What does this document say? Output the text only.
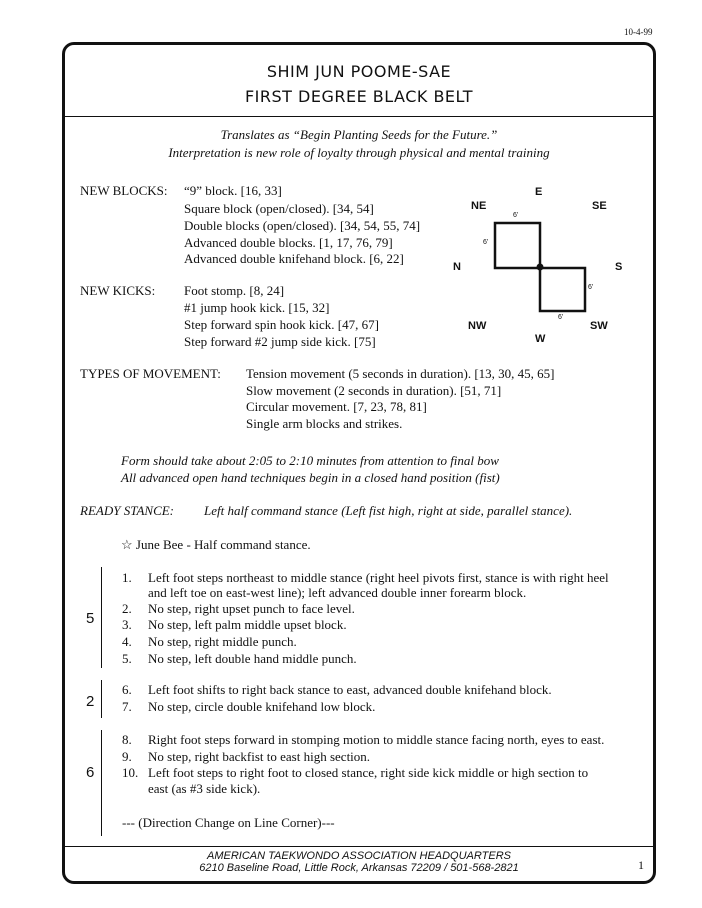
10-4-99
SHIM JUN POOME-SAE
FIRST DEGREE BLACK BELT
Translates as “Begin Planting Seeds for the Future.”
Interpretation is new role of loyalty through physical and mental training
NEW BLOCKS: “9” block. [16, 33]
Square block (open/closed). [34, 54]
Double blocks (open/closed). [34, 54, 55, 74]
Advanced double blocks. [1, 17, 76, 79]
Advanced double knifehand block. [6, 22]
NEW KICKS: Foot stomp. [8, 24]
#1 jump hook kick. [15, 32]
Step forward spin hook kick. [47, 67]
Step forward #2 jump side kick. [75]
E
NE	SE
N	S
NW	SW
W
6'
6'
6'
6'
TYPES OF MOVEMENT: Tension movement (5 seconds in duration). [13, 30, 45, 65]
Slow movement (2 seconds in duration). [51, 71]
Circular movement. [7, 23, 78, 81]
Single arm blocks and strikes.
Form should take about 2:05 to 2:10 minutes from attention to final bow
All advanced open hand techniques begin in a closed hand position (fist)
READY STANCE: Left half command stance (Left fist high, right at side, parallel stance).
☆ June Bee - Half command stance.
5
1. Left foot steps northeast to middle stance (right heel pivots first, stance is with right heel
and left toe on east-west line); left advanced double inner forearm block.
2. No step, right upset punch to face level.
3. No step, left palm middle upset block.
4. No step, right middle punch.
5. No step, left double hand middle punch.
2
6. Left foot shifts to right back stance to east, advanced double knifehand block.
7. No step, circle double knifehand low block.
6
8. Right foot steps forward in stomping motion to middle stance facing north, eyes to east.
9. No step, right backfist to east high section.
10. Left foot steps to right foot to closed stance, right side kick middle or high section to
east (as #3 side kick).
--- (Direction Change on Line Corner)---
AMERICAN TAEKWONDO ASSOCIATION HEADQUARTERS
6210 Baseline Road, Little Rock, Arkansas 72209 / 501-568-2821	1
